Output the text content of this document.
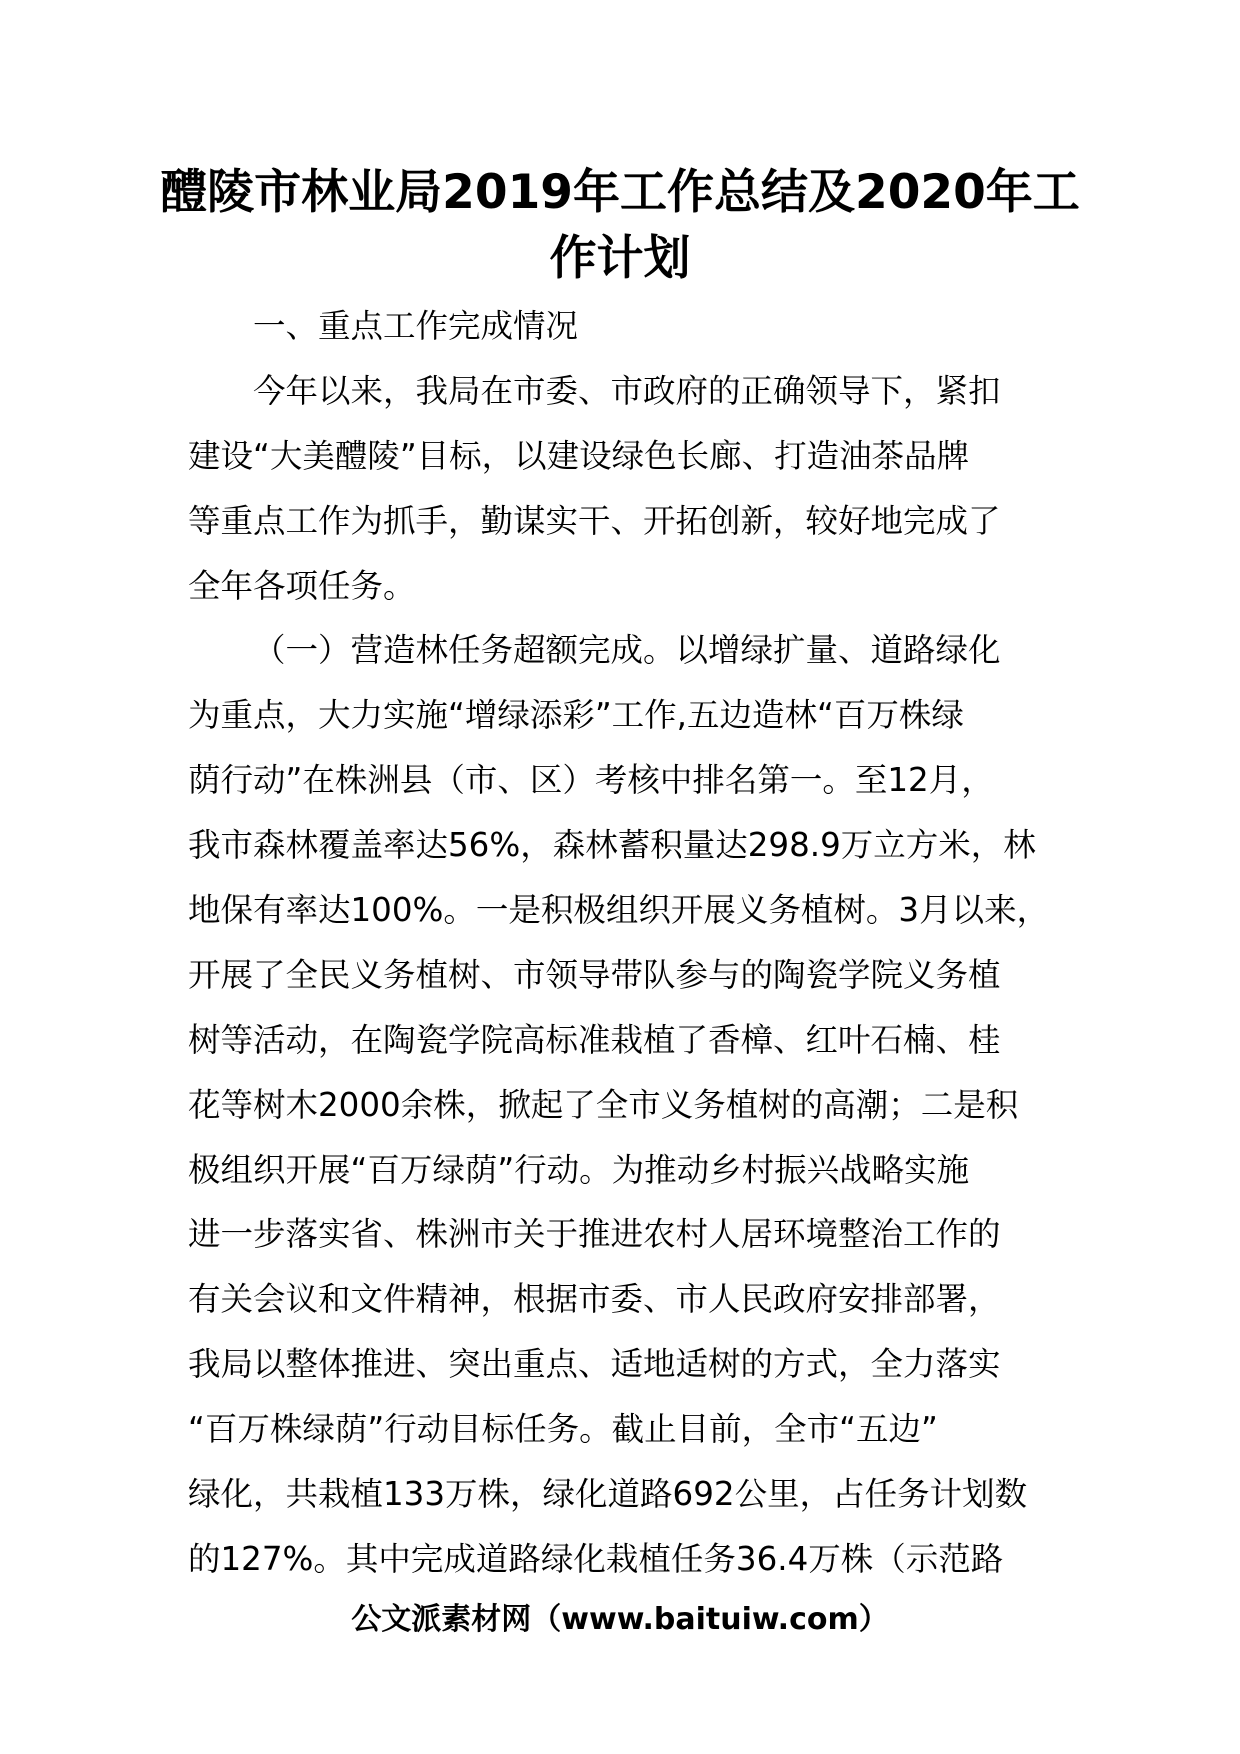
醴陵市林业局2019年工作总结及2020年工
作计划
一、重点工作完成情况
今年以来，我局在市委、市政府的正确领导下，紧扣
建设“大美醴陵”目标，以建设绿色长廊、打造油茶品牌
等重点工作为抓手，勤谋实干、开拓创新，较好地完成了
全年各项任务。
（一）营造林任务超额完成。以增绿扩量、道路绿化
为重点，大力实施“增绿添彩”工作,五边造林“百万株绿
荫行动”在株洲县（市、区）考核中排名第一。至12月，
我市森林覆盖率达56%，森林蓄积量达298.9万立方米，林
地保有率达100%。一是积极组织开展义务植树。3月以来，
开展了全民义务植树、市领导带队参与的陶瓷学院义务植
树等活动，在陶瓷学院高标准栽植了香樟、红叶石楠、桂
花等树木2000余株，掀起了全市义务植树的高潮；二是积
极组织开展“百万绿荫”行动。为推动乡村振兴战略实施
进一步落实省、株洲市关于推进农村人居环境整治工作的
有关会议和文件精神，根据市委、市人民政府安排部署，
我局以整体推进、突出重点、适地适树的方式，全力落实
“百万株绿荫”行动目标任务。截止目前，全市“五边”
绿化，共栽植133万株，绿化道路692公里，占任务计划数
的127%。其中完成道路绿化栽植任务36.4万株（示范路
公文派素材网（www.baituiw.com）
